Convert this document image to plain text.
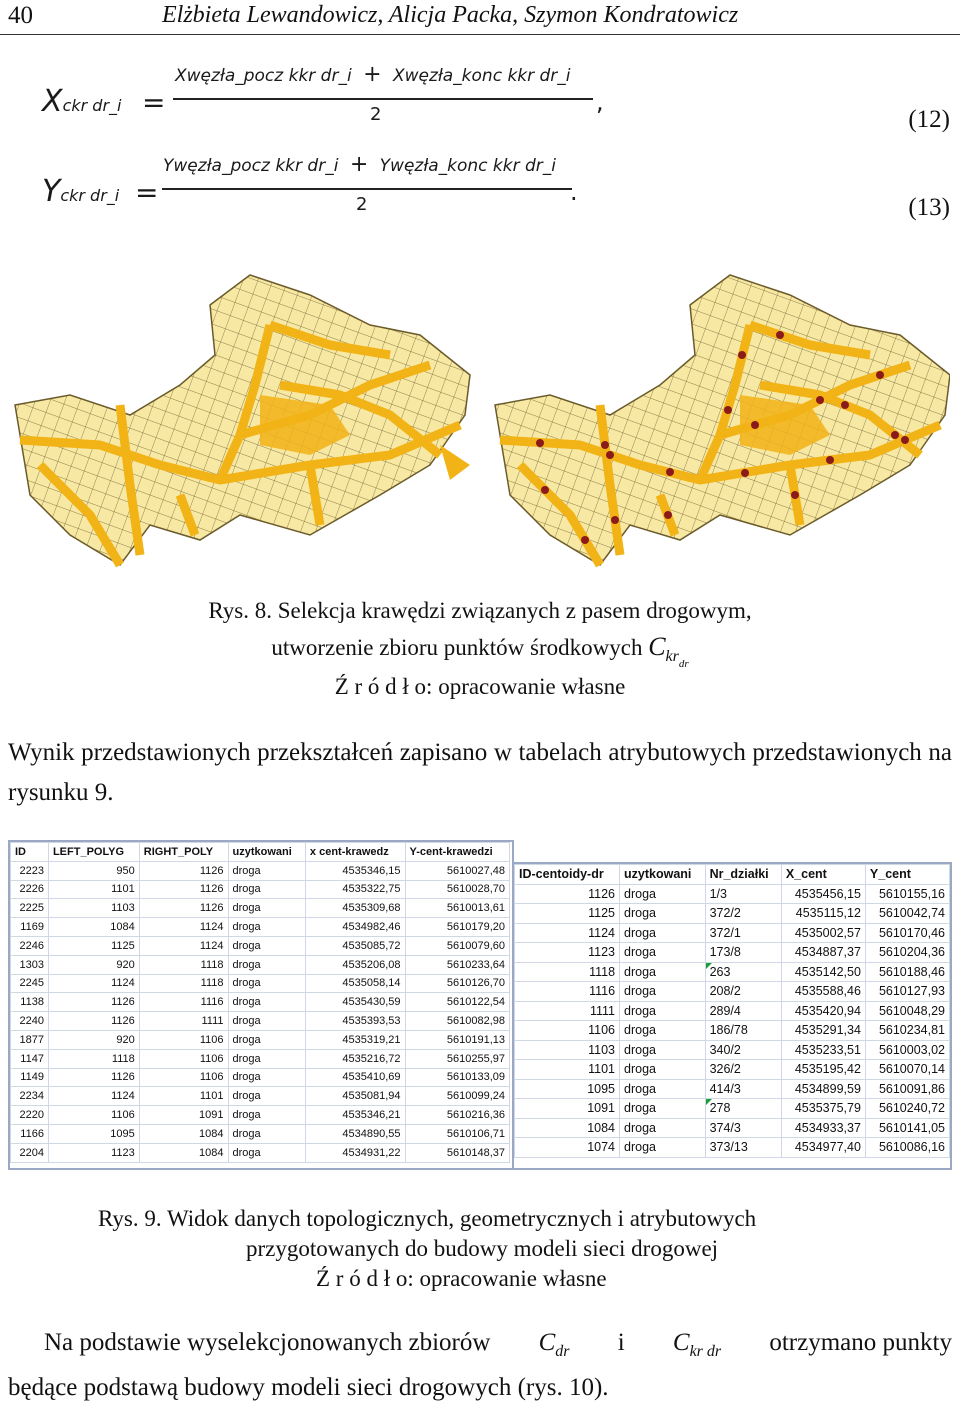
40	Elżbieta Lewandowicz, Alicja Packa, Szymon Kondratowicz
Xckr dr_i =
Xwęzła_pocz kkr dr_i + Xwęzła_konc kkr dr_i
2	,
(12)
Yckr dr_i =
Ywęzła_pocz kkr dr_i + Ywęzła_konc kkr dr_i
2	.
(13)
Rys. 8. Selekcja krawędzi związanych z pasem drogowym,
utworzenie zbioru punktów środkowych $C_{krdr}$
Ź r ó d ł o: opracowanie własne
Wynik przedstawionych przekształceń zapisano w tabelach atrybutowych przedstawionych na rysunku 9.
ID	LEFT_POLYG	RIGHT_POLY	uzytkowani	x cent-krawedz	Y-cent-krawedzi
2223	950	1126	droga	4535346,15	5610027,48
2226	1101	1126	droga	4535322,75	5610028,70
2225	1103	1126	droga	4535309,68	5610013,61
1169	1084	1124	droga	4534982,46	5610179,20
2246	1125	1124	droga	4535085,72	5610079,60
1303	920	1118	droga	4535206,08	5610233,64
2245	1124	1118	droga	4535058,14	5610126,70
1138	1126	1116	droga	4535430,59	5610122,54
2240	1126	1111	droga	4535393,53	5610082,98
1877	920	1106	droga	4535319,21	5610191,13
1147	1118	1106	droga	4535216,72	5610255,97
1149	1126	1106	droga	4535410,69	5610133,09
2234	1124	1101	droga	4535081,94	5610099,24
2220	1106	1091	droga	4535346,21	5610216,36
1166	1095	1084	droga	4534890,55	5610106,71
2204	1123	1084	droga	4534931,22	5610148,37
ID-centoidy-dr	uzytkowani	Nr_działki	X_cent	Y_cent
1126	droga	1/3	4535456,15	5610155,16
1125	droga	372/2	4535115,12	5610042,74
1124	droga	372/1	4535002,57	5610170,46
1123	droga	173/8	4534887,37	5610204,36
1118	droga	263	4535142,50	5610188,46
1116	droga	208/2	4535588,46	5610127,93
1111	droga	289/4	4535420,94	5610048,29
1106	droga	186/78	4535291,34	5610234,81
1103	droga	340/2	4535233,51	5610003,02
1101	droga	326/2	4535195,42	5610070,14
1095	droga	414/3	4534899,59	5610091,86
1091	droga	278	4535375,79	5610240,72
1084	droga	374/3	4534933,37	5610141,05
1074	droga	373/13	4534977,40	5610086,16
Rys. 9. Widok danych topologicznych, geometrycznych i atrybutowych
przygotowanych do budowy modeli sieci drogowej
Ź r ó d ł o: opracowanie własne
Na podstawie wyselekcjonowanych zbiorów $C_{dr}$ i $C_{kr dr}$ otrzymano punkty
będące podstawą budowy modeli sieci drogowych (rys. 10).
